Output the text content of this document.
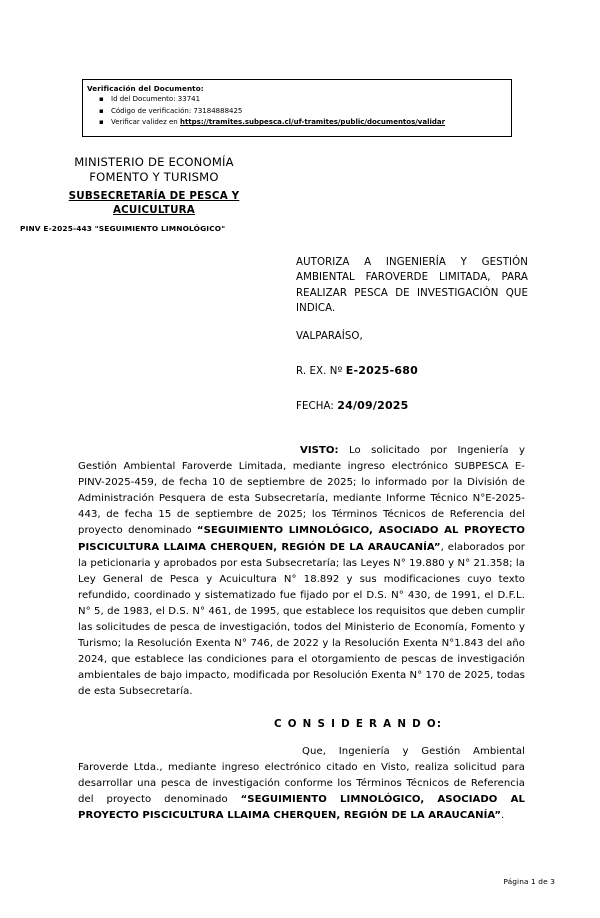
Verificación del Documento:
▪ Id del Documento: 33741
▪ Código de verificación: 73184888425
▪ Verificar validez en https://tramites.subpesca.cl/uf-tramites/public/documentos/validar
MINISTERIO DE ECONOMÍA
FOMENTO Y TURISMO
SUBSECRETARÍA DE PESCA Y
ACUICULTURA
PINV E-2025-443 "SEGUIMIENTO LIMNOLÓGICO"
AUTORIZA A INGENIERÍA Y GESTIÓN AMBIENTAL FAROVERDE LIMITADA, PARA REALIZAR PESCA DE INVESTIGACIÓN QUE INDICA.
VALPARAÍSO,
R. EX. Nº E-2025-680
FECHA: 24/09/2025

VISTO: Lo solicitado por Ingeniería y Gestión Ambiental Faroverde Limitada, mediante ingreso electrónico SUBPESCA E-PINV-2025-459, de fecha 10 de septiembre de 2025; lo informado por la División de Administración Pesquera de esta Subsecretaría, mediante Informe Técnico N°E-2025-443, de fecha 15 de septiembre de 2025; los Términos Técnicos de Referencia del proyecto denominado “SEGUIMIENTO LIMNOLÓGICO, ASOCIADO AL PROYECTO PISCICULTURA LLAIMA CHERQUEN, REGIÓN DE LA ARAUCANÍA”, elaborados por la peticionaria y aprobados por esta Subsecretaría; las Leyes N° 19.880 y N° 21.358; la Ley General de Pesca y Acuicultura N° 18.892 y sus modificaciones cuyo texto refundido, coordinado y sistematizado fue fijado por el D.S. N° 430, de 1991, el D.F.L. N° 5, de 1983, el D.S. N° 461, de 1995, que establece los requisitos que deben cumplir las solicitudes de pesca de investigación, todos del Ministerio de Economía, Fomento y Turismo; la Resolución Exenta N° 746, de 2022 y la Resolución Exenta N°1.843 del año 2024, que establece las condiciones para el otorgamiento de pescas de investigación ambientales de bajo impacto, modificada por Resolución Exenta N° 170 de 2025, todas de esta Subsecretaría.

C O N S I D E R A N D O:

Que, Ingeniería y Gestión Ambiental Faroverde Ltda., mediante ingreso electrónico citado en Visto, realiza solicitud para desarrollar una pesca de investigación conforme los Términos Técnicos de Referencia del proyecto denominado “SEGUIMIENTO LIMNOLÓGICO, ASOCIADO AL PROYECTO PISCICULTURA LLAIMA CHERQUEN, REGIÓN DE LA ARAUCANÍA”.

Página 1 de 3
